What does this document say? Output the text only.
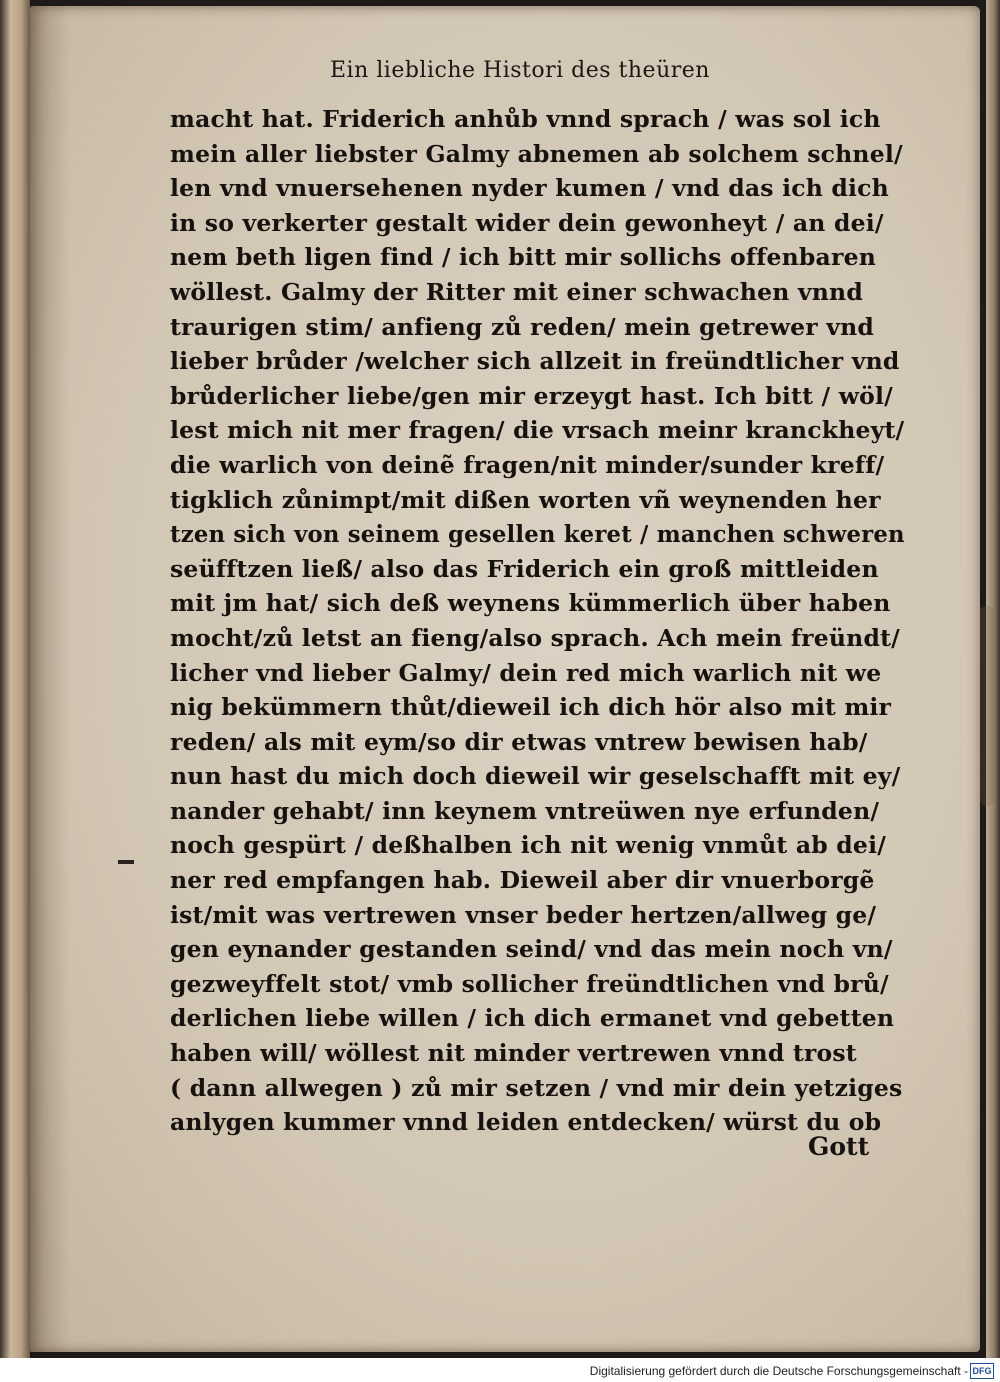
Ein liebliche Histori des theüren
macht hat. Friderich anhůb vnnd sprach / was sol ich
mein aller liebster Galmy abnemen ab solchem schnel/
len vnd vnuersehenen nyder kumen / vnd das ich dich
in so verkerter gestalt wider dein gewonheyt / an dei/
nem beth ligen find / ich bitt mir sollichs offenbaren
wöllest. Galmy der Ritter mit einer schwachen vnnd
traurigen stim/ anfieng zů reden/ mein getrewer vnd
lieber brůder /welcher sich allzeit in freündtlicher vnd
brůderlicher liebe/gen mir erzeygt hast. Ich bitt / wöl/
lest mich nit mer fragen/ die vrsach meinr kranckheyt/
die warlich von deinẽ fragen/nit minder/sunder kreff/
tigklich zůnimpt/mit dißen worten vñ weynenden her
tzen sich von seinem gesellen keret / manchen schweren
seüfftzen ließ/ also das Friderich ein groß mittleiden
mit jm hat/ sich deß weynens kümmerlich über haben
mocht/zů letst an fieng/also sprach. Ach mein freündt/
licher vnd lieber Galmy/ dein red mich warlich nit we
nig bekümmern thůt/dieweil ich dich hör also mit mir
reden/ als mit eym/so dir etwas vntrew bewisen hab/
nun hast du mich doch dieweil wir geselschafft mit ey/
nander gehabt/ inn keynem vntreüwen nye erfunden/
noch gespürt / deßhalben ich nit wenig vnmůt ab dei/
ner red empfangen hab. Dieweil aber dir vnuerborgẽ
ist/mit was vertrewen vnser beder hertzen/allweg ge/
gen eynander gestanden seind/ vnd das mein noch vn/
gezweyffelt stot/ vmb sollicher freündtlichen vnd brů/
derlichen liebe willen / ich dich ermanet vnd gebetten
haben will/ wöllest nit minder vertrewen vnnd trost
( dann allwegen ) zů mir setzen / vnd mir dein yetziges
anlygen kummer vnnd leiden entdecken/ würst du ob
Gott
Digitalisierung gefördert durch die Deutsche Forschungsgemeinschaft - DFG
